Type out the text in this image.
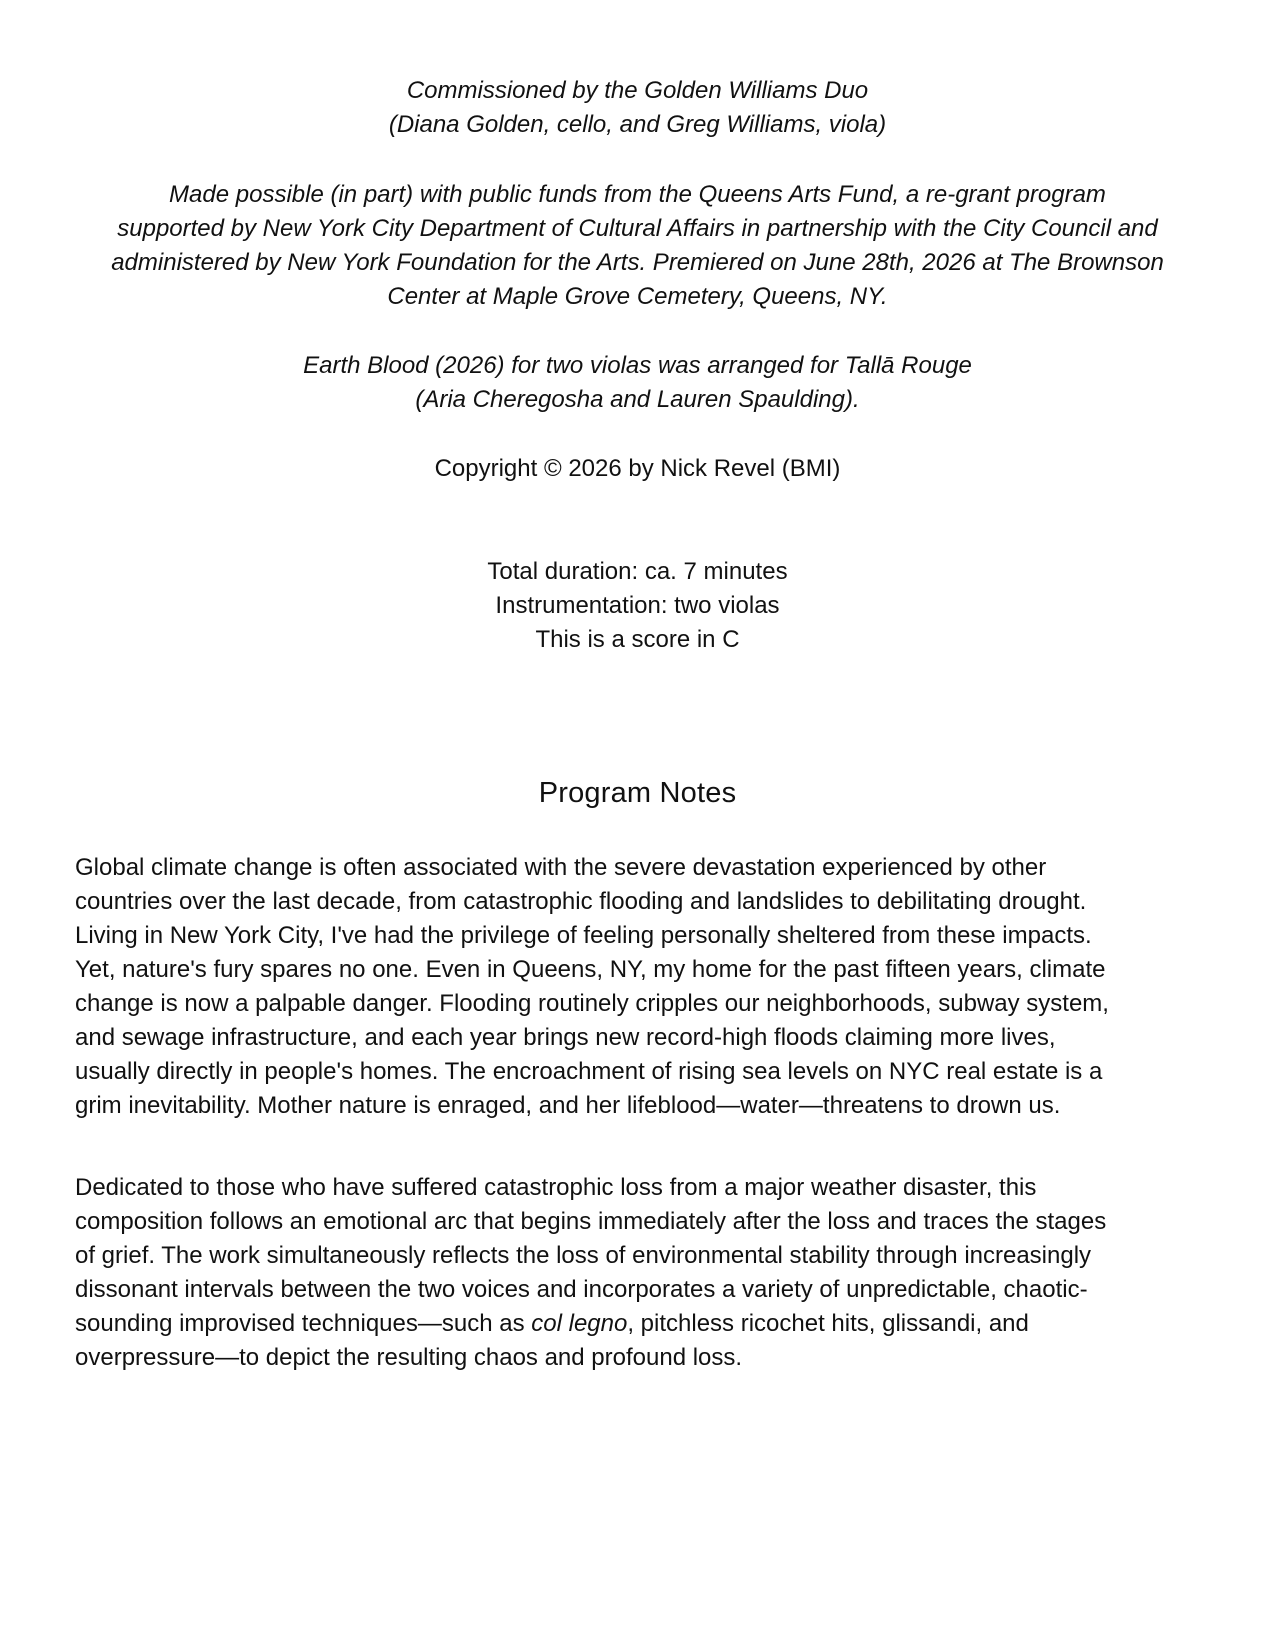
Commissioned by the Golden Williams Duo
(Diana Golden, cello, and Greg Williams, viola)
Made possible (in part) with public funds from the Queens Arts Fund, a re-grant program
supported by New York City Department of Cultural Affairs in partnership with the City Council and
administered by New York Foundation for the Arts. Premiered on June 28th, 2026 at The Brownson
Center at Maple Grove Cemetery, Queens, NY.
Earth Blood (2026) for two violas was arranged for Tallā Rouge
(Aria Cheregosha and Lauren Spaulding).
Copyright © 2026 by Nick Revel (BMI)
Total duration: ca. 7 minutes
Instrumentation: two violas
This is a score in C
Program Notes

Global climate change is often associated with the severe devastation experienced by other
countries over the last decade, from catastrophic flooding and landslides to debilitating drought.
Living in New York City, I've had the privilege of feeling personally sheltered from these impacts.
Yet, nature's fury spares no one. Even in Queens, NY, my home for the past fifteen years, climate
change is now a palpable danger. Flooding routinely cripples our neighborhoods, subway system,
and sewage infrastructure, and each year brings new record-high floods claiming more lives,
usually directly in people's homes. The encroachment of rising sea levels on NYC real estate is a
grim inevitability. Mother nature is enraged, and her lifeblood—water—threatens to drown us.

Dedicated to those who have suffered catastrophic loss from a major weather disaster, this
composition follows an emotional arc that begins immediately after the loss and traces the stages
of grief. The work simultaneously reflects the loss of environmental stability through increasingly
dissonant intervals between the two voices and incorporates a variety of unpredictable, chaotic-
sounding improvised techniques—such as col legno, pitchless ricochet hits, glissandi, and
overpressure—to depict the resulting chaos and profound loss.
